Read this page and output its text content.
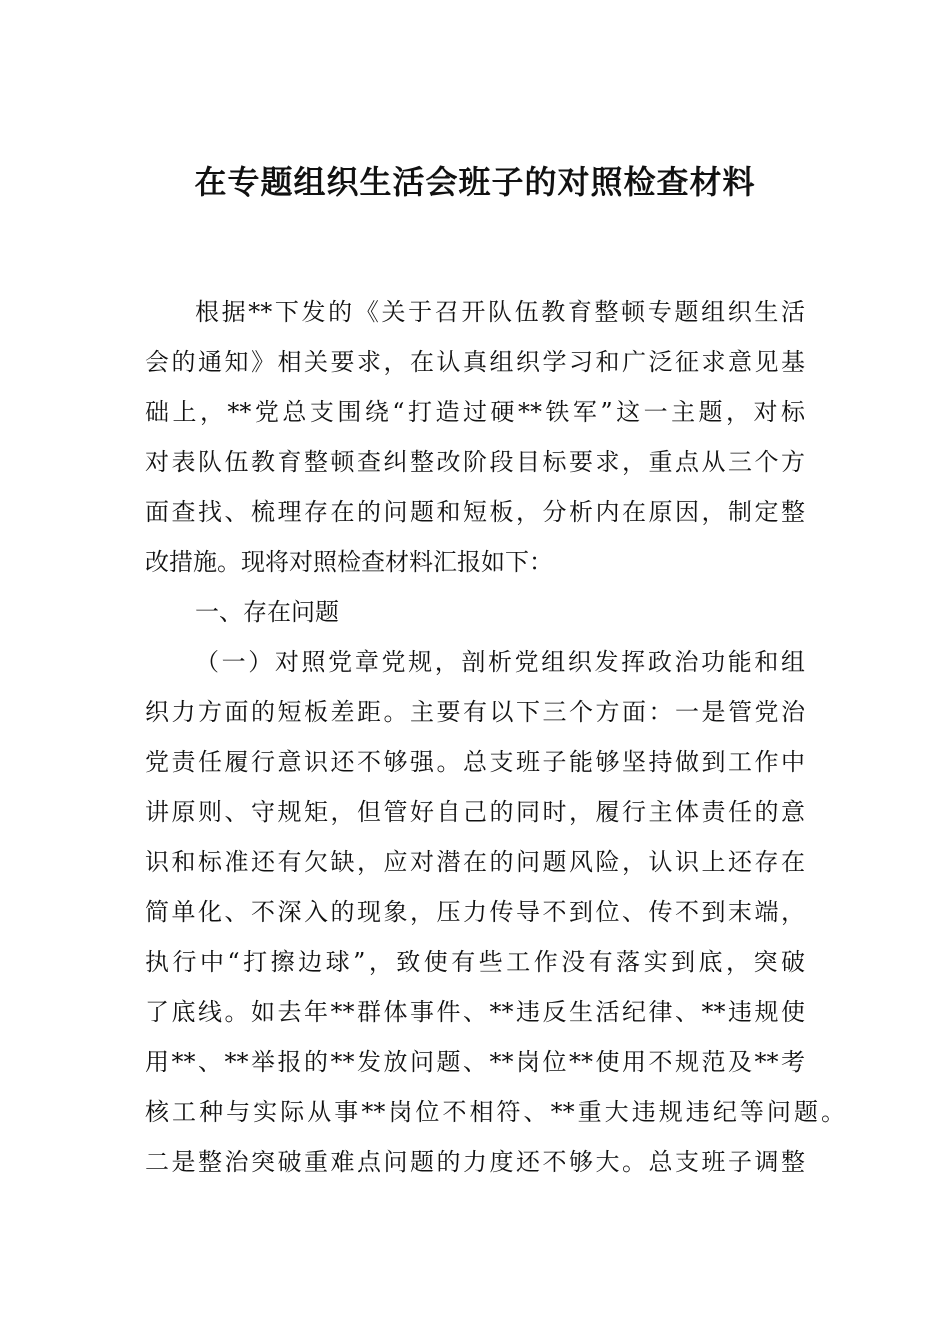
在专题组织生活会班子的对照检查材料
根据**下发的《关于召开队伍教育整顿专题组织生活
会的通知》相关要求，在认真组织学习和广泛征求意见基
础上，**党总支围绕“打造过硬**铁军”这一主题，对标
对表队伍教育整顿查纠整改阶段目标要求，重点从三个方
面查找、梳理存在的问题和短板，分析内在原因，制定整
改措施。现将对照检查材料汇报如下：
一、存在问题
（一）对照党章党规，剖析党组织发挥政治功能和组
织力方面的短板差距。主要有以下三个方面：一是管党治
党责任履行意识还不够强。总支班子能够坚持做到工作中
讲原则、守规矩，但管好自己的同时，履行主体责任的意
识和标准还有欠缺，应对潜在的问题风险，认识上还存在
简单化、不深入的现象，压力传导不到位、传不到末端，
执行中“打擦边球”，致使有些工作没有落实到底，突破
了底线。如去年**群体事件、**违反生活纪律、**违规使
用**、**举报的**发放问题、**岗位**使用不规范及**考
核工种与实际从事**岗位不相符、**重大违规违纪等问题。
二是整治突破重难点问题的力度还不够大。总支班子调整
